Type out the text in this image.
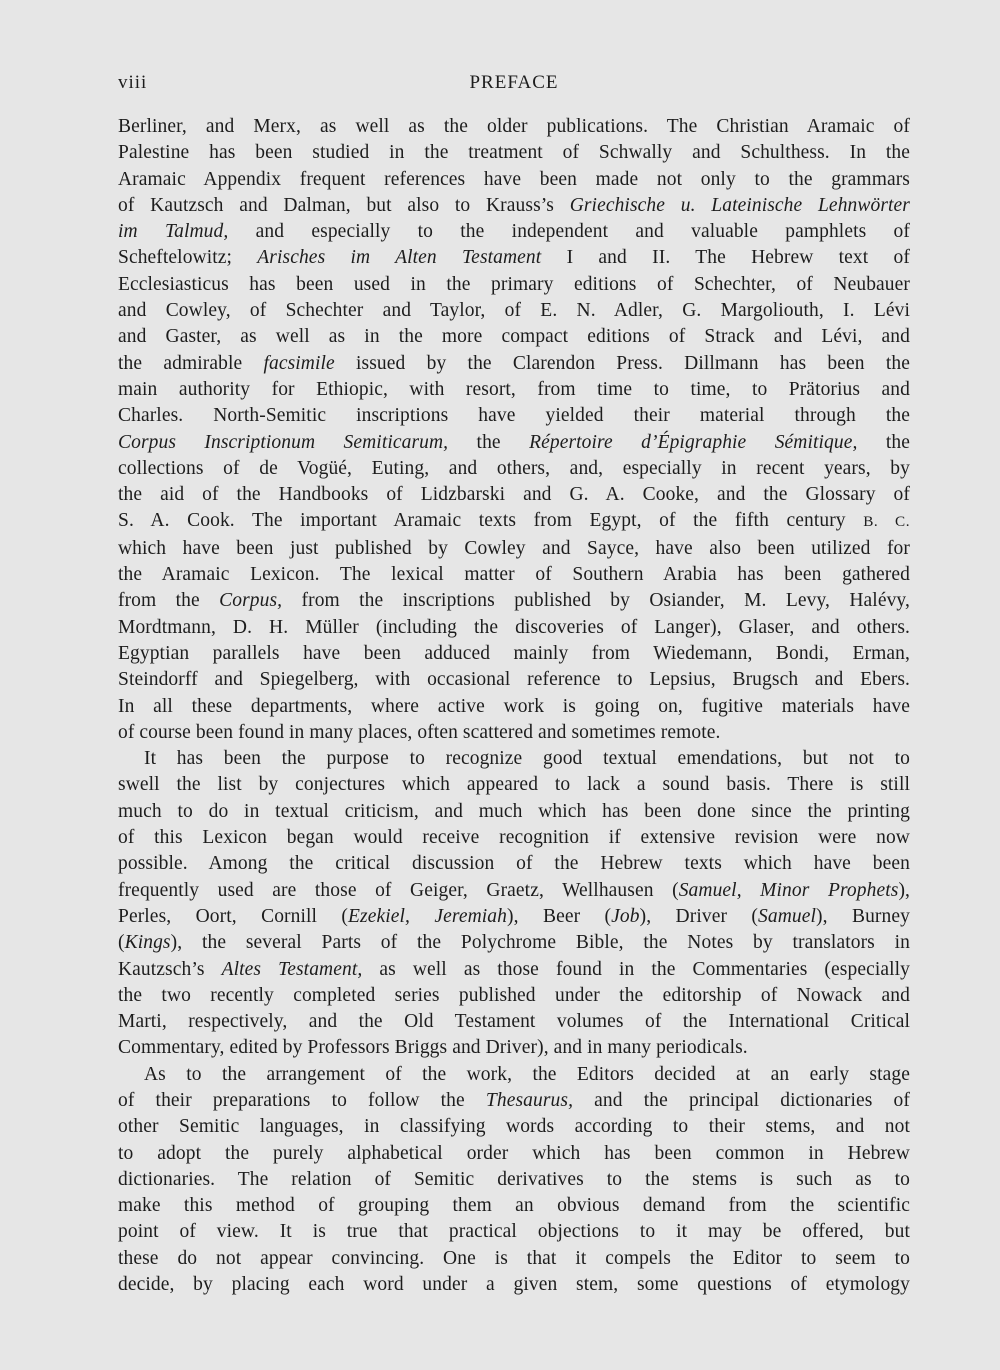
viii	PREFACE
Berliner, and Merx, as well as the older publications. The Christian Aramaic of
Palestine has been studied in the treatment of Schwally and Schulthess. In the
Aramaic Appendix frequent references have been made not only to the grammars
of Kautzsch and Dalman, but also to Krauss’s Griechische u. Lateinische Lehnwörter
im Talmud, and especially to the independent and valuable pamphlets of
Scheftelowitz; Arisches im Alten Testament I and II. The Hebrew text of
Ecclesiasticus has been used in the primary editions of Schechter, of Neubauer
and Cowley, of Schechter and Taylor, of E. N. Adler, G. Margoliouth, I. Lévi
and Gaster, as well as in the more compact editions of Strack and Lévi, and
the admirable facsimile issued by the Clarendon Press. Dillmann has been the
main authority for Ethiopic, with resort, from time to time, to Prätorius and
Charles. North-Semitic inscriptions have yielded their material through the
Corpus Inscriptionum Semiticarum, the Répertoire d’Épigraphie Sémitique, the
collections of de Vogüé, Euting, and others, and, especially in recent years, by
the aid of the Handbooks of Lidzbarski and G. A. Cooke, and the Glossary of
S. A. Cook. The important Aramaic texts from Egypt, of the fifth century B. C.
which have been just published by Cowley and Sayce, have also been utilized for
the Aramaic Lexicon. The lexical matter of Southern Arabia has been gathered
from the Corpus, from the inscriptions published by Osiander, M. Levy, Halévy,
Mordtmann, D. H. Müller (including the discoveries of Langer), Glaser, and others.
Egyptian parallels have been adduced mainly from Wiedemann, Bondi, Erman,
Steindorff and Spiegelberg, with occasional reference to Lepsius, Brugsch and Ebers.
In all these departments, where active work is going on, fugitive materials have
of course been found in many places, often scattered and sometimes remote.
It has been the purpose to recognize good textual emendations, but not to
swell the list by conjectures which appeared to lack a sound basis. There is still
much to do in textual criticism, and much which has been done since the printing
of this Lexicon began would receive recognition if extensive revision were now
possible. Among the critical discussion of the Hebrew texts which have been
frequently used are those of Geiger, Graetz, Wellhausen (Samuel, Minor Prophets),
Perles, Oort, Cornill (Ezekiel, Jeremiah), Beer (Job), Driver (Samuel), Burney
(Kings), the several Parts of the Polychrome Bible, the Notes by translators in
Kautzsch’s Altes Testament, as well as those found in the Commentaries (especially
the two recently completed series published under the editorship of Nowack and
Marti, respectively, and the Old Testament volumes of the International Critical
Commentary, edited by Professors Briggs and Driver), and in many periodicals.
As to the arrangement of the work, the Editors decided at an early stage
of their preparations to follow the Thesaurus, and the principal dictionaries of
other Semitic languages, in classifying words according to their stems, and not
to adopt the purely alphabetical order which has been common in Hebrew
dictionaries. The relation of Semitic derivatives to the stems is such as to
make this method of grouping them an obvious demand from the scientific
point of view. It is true that practical objections to it may be offered, but
these do not appear convincing. One is that it compels the Editor to seem to
decide, by placing each word under a given stem, some questions of etymology
